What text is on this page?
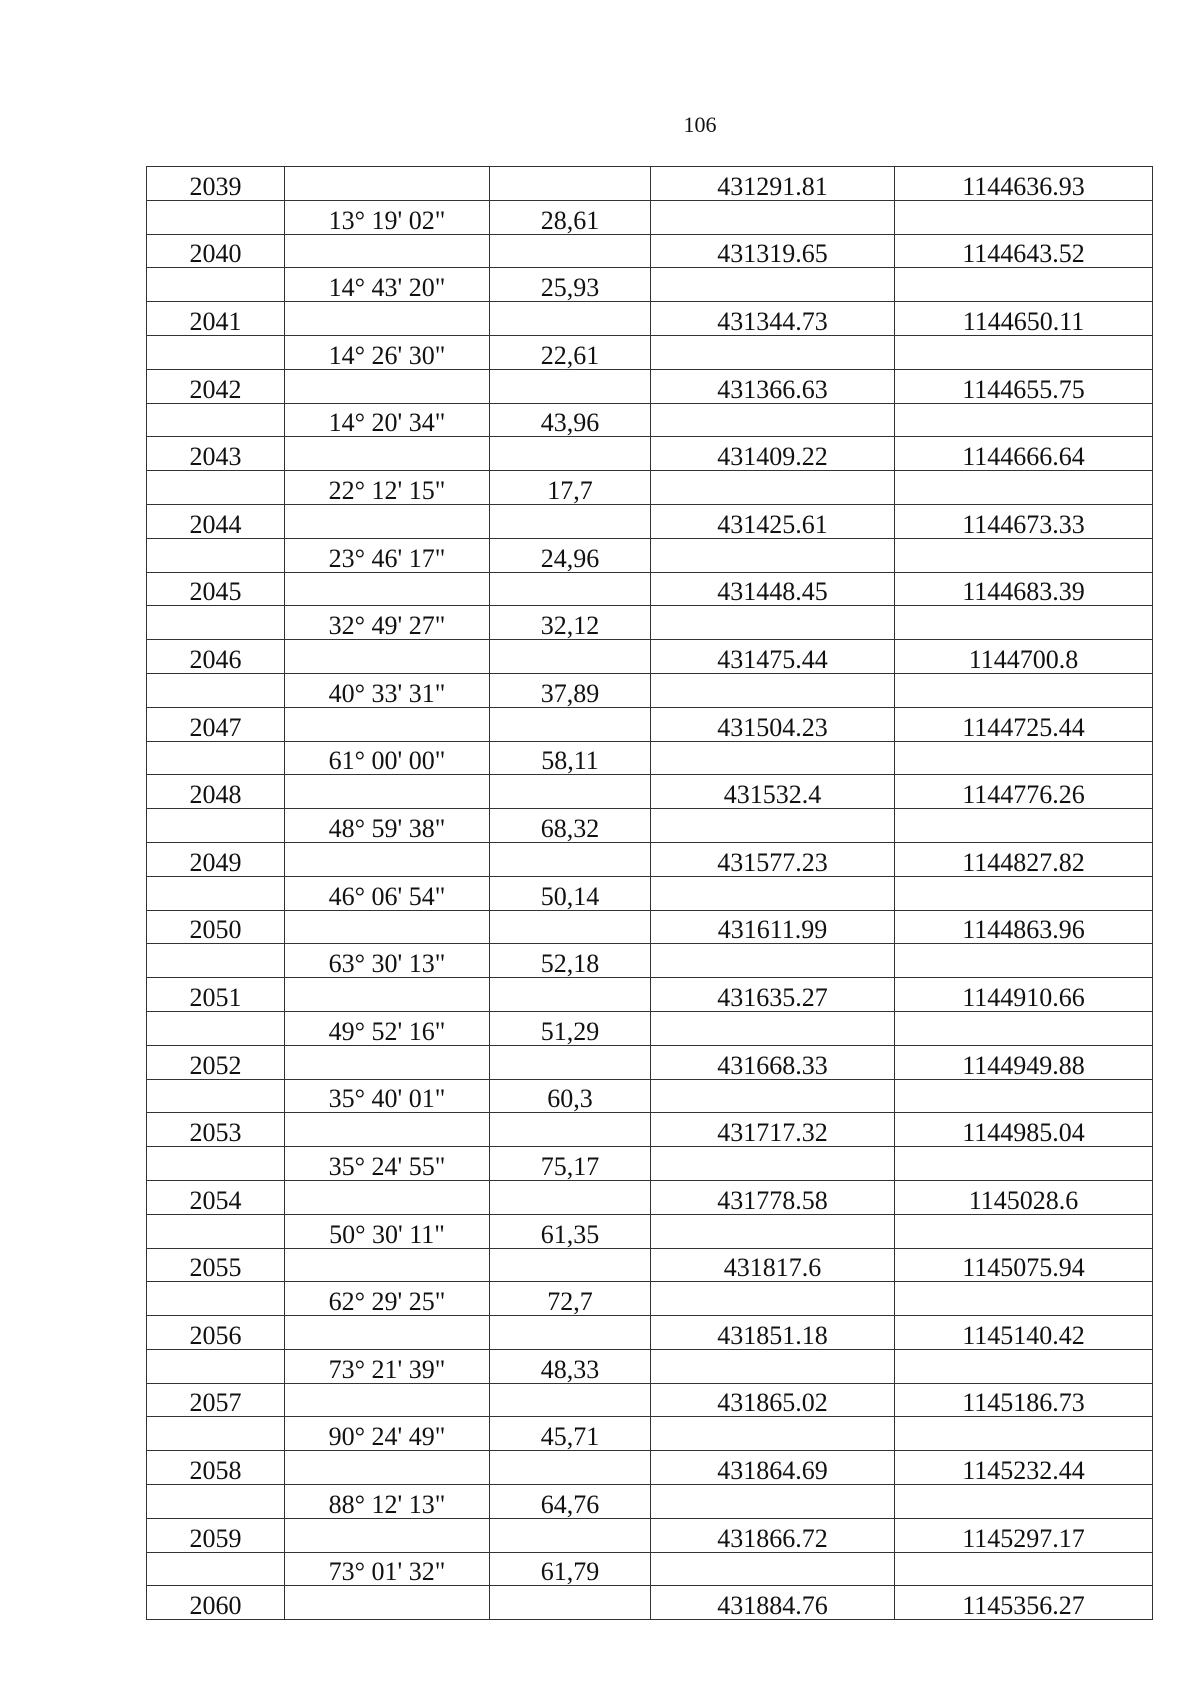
106
2039			431291.81	1144636.93
	13° 19' 02"	28,61		
2040			431319.65	1144643.52
	14° 43' 20"	25,93		
2041			431344.73	1144650.11
	14° 26' 30"	22,61		
2042			431366.63	1144655.75
	14° 20' 34"	43,96		
2043			431409.22	1144666.64
	22° 12' 15"	17,7		
2044			431425.61	1144673.33
	23° 46' 17"	24,96		
2045			431448.45	1144683.39
	32° 49' 27"	32,12		
2046			431475.44	1144700.8
	40° 33' 31"	37,89		
2047			431504.23	1144725.44
	61° 00' 00"	58,11		
2048			431532.4	1144776.26
	48° 59' 38"	68,32		
2049			431577.23	1144827.82
	46° 06' 54"	50,14		
2050			431611.99	1144863.96
	63° 30' 13"	52,18		
2051			431635.27	1144910.66
	49° 52' 16"	51,29		
2052			431668.33	1144949.88
	35° 40' 01"	60,3		
2053			431717.32	1144985.04
	35° 24' 55"	75,17		
2054			431778.58	1145028.6
	50° 30' 11"	61,35		
2055			431817.6	1145075.94
	62° 29' 25"	72,7		
2056			431851.18	1145140.42
	73° 21' 39"	48,33		
2057			431865.02	1145186.73
	90° 24' 49"	45,71		
2058			431864.69	1145232.44
	88° 12' 13"	64,76		
2059			431866.72	1145297.17
	73° 01' 32"	61,79		
2060			431884.76	1145356.27
